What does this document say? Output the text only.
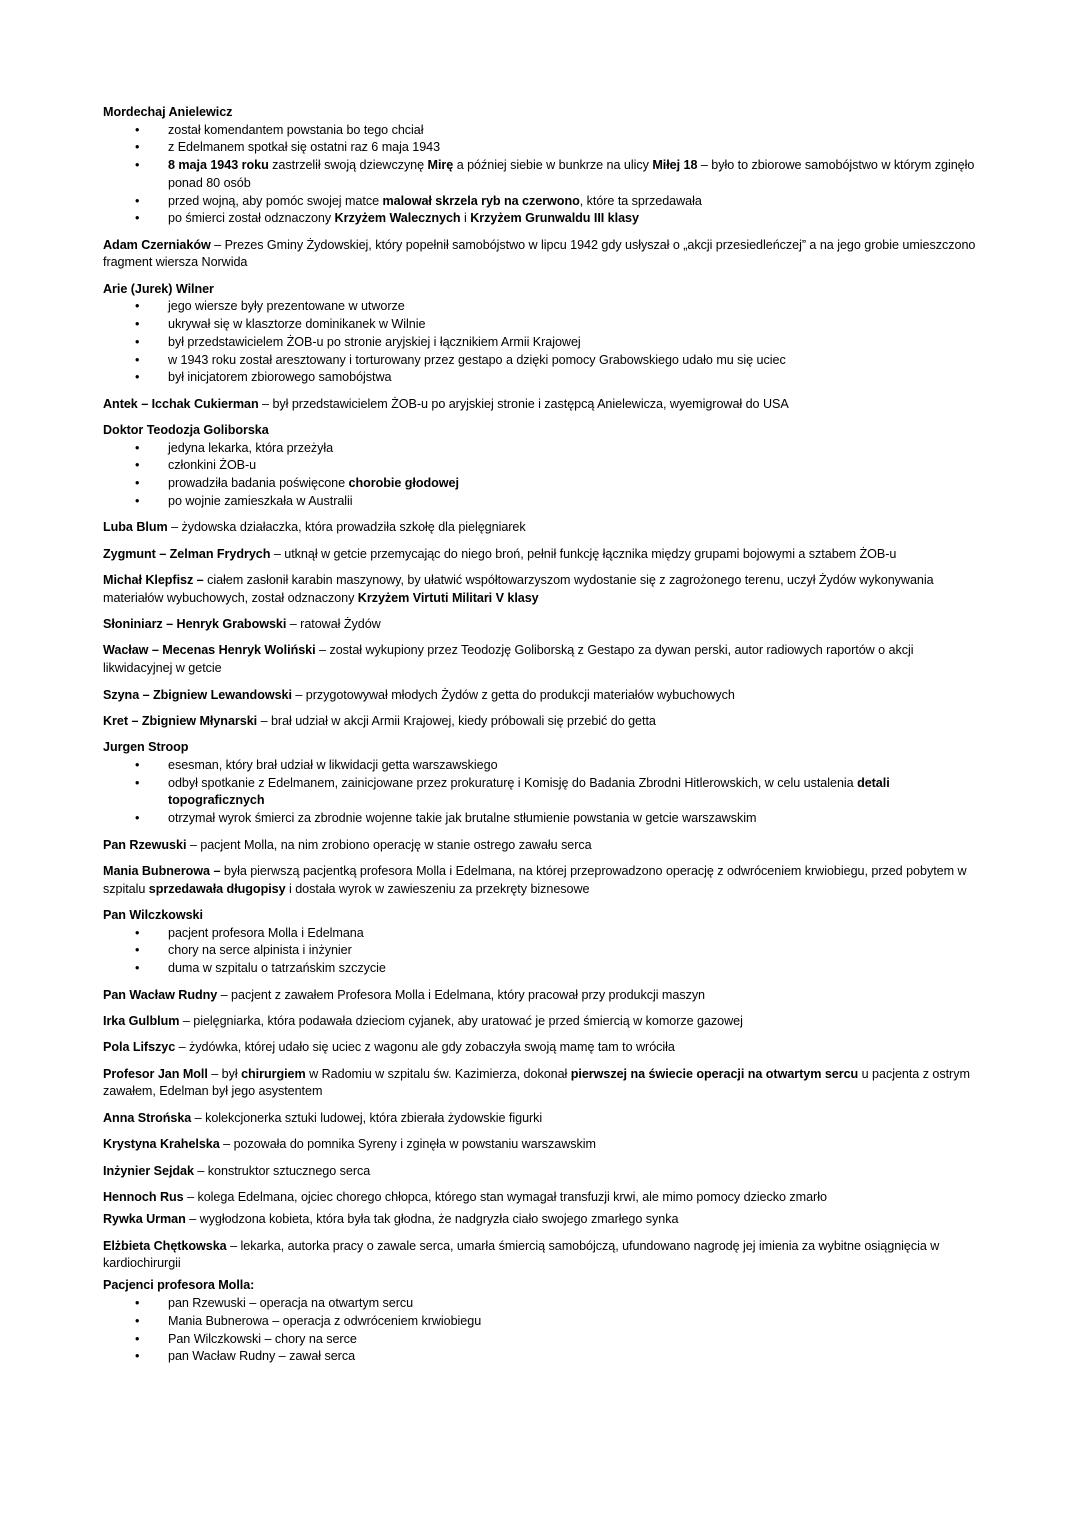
Mordechaj Anielewicz

• został komendantem powstania bo tego chciał
• z Edelmanem spotkał się ostatni raz 6 maja 1943
• 8 maja 1943 roku zastrzelił swoją dziewczynę Mirę a później siebie w bunkrze na ulicy Miłej 18 – było to zbiorowe samobójstwo w którym zginęło ponad 80 osób
• przed wojną, aby pomóc swojej matce malował skrzela ryb na czerwono, które ta sprzedawała
• po śmierci został odznaczony Krzyżem Walecznych i Krzyżem Grunwaldu III klasy

Adam Czerniaków – Prezes Gminy Żydowskiej, który popełnił samobójstwo w lipcu 1942 gdy usłyszał o „akcji przesiedleńczej” a na jego grobie umieszczono fragment wiersza Norwida

Arie (Jurek) Wilner

• jego wiersze były prezentowane w utworze
• ukrywał się w klasztorze dominikanek w Wilnie
• był przedstawicielem ŻOB-u po stronie aryjskiej i łącznikiem Armii Krajowej
• w 1943 roku został aresztowany i torturowany przez gestapo a dzięki pomocy Grabowskiego udało mu się uciec
• był inicjatorem zbiorowego samobójstwa

Antek – Icchak Cukierman – był przedstawicielem ŻOB-u po aryjskiej stronie i zastępcą Anielewicza, wyemigrował do USA

Doktor Teodozja Goliborska

• jedyna lekarka, która przeżyła
• członkini ŻOB-u
• prowadziła badania poświęcone chorobie głodowej
• po wojnie zamieszkała w Australii

Luba Blum – żydowska działaczka, która prowadziła szkołę dla pielęgniarek

Zygmunt – Zelman Frydrych – utknął w getcie przemycając do niego broń, pełnił funkcję łącznika między grupami bojowymi a sztabem ŻOB-u

Michał Klepfisz – ciałem zasłonił karabin maszynowy, by ułatwić współtowarzyszom wydostanie się z zagrożonego terenu, uczył Żydów wykonywania materiałów wybuchowych, został odznaczony Krzyżem Virtuti Militari V klasy

Słoniniarz – Henryk Grabowski – ratował Żydów

Wacław – Mecenas Henryk Woliński – został wykupiony przez Teodozję Goliborską z Gestapo za dywan perski, autor radiowych raportów o akcji likwidacyjnej w getcie

Szyna – Zbigniew Lewandowski – przygotowywał młodych Żydów z getta do produkcji materiałów wybuchowych

Kret – Zbigniew Młynarski – brał udział w akcji Armii Krajowej, kiedy próbowali się przebić do getta

Jurgen Stroop

• esesman, który brał udział w likwidacji getta warszawskiego
• odbył spotkanie z Edelmanem, zainicjowane przez prokuraturę i Komisję do Badania Zbrodni Hitlerowskich, w celu ustalenia detali topograficznych
• otrzymał wyrok śmierci za zbrodnie wojenne takie jak brutalne stłumienie powstania w getcie warszawskim

Pan Rzewuski – pacjent Molla, na nim zrobiono operację w stanie ostrego zawału serca

Mania Bubnerowa – była pierwszą pacjentką profesora Molla i Edelmana, na której przeprowadzono operację z odwróceniem krwiobiegu, przed pobytem w szpitalu sprzedawała długopisy i dostała wyrok w zawieszeniu za przekręty biznesowe

Pan Wilczkowski

• pacjent profesora Molla i Edelmana
• chory na serce alpinista i inżynier
• duma w szpitalu o tatrzańskim szczycie

Pan Wacław Rudny – pacjent z zawałem Profesora Molla i Edelmana, który pracował przy produkcji maszyn

Irka Gulblum – pielęgniarka, która podawała dzieciom cyjanek, aby uratować je przed śmiercią w komorze gazowej

Pola Lifszyc – żydówka, której udało się uciec z wagonu ale gdy zobaczyła swoją mamę tam to wróciła

Profesor Jan Moll – był chirurgiem w Radomiu w szpitalu św. Kazimierza, dokonał pierwszej na świecie operacji na otwartym sercu u pacjenta z ostrym zawałem, Edelman był jego asystentem

Anna Strońska – kolekcjonerka sztuki ludowej, która zbierała żydowskie figurki

Krystyna Krahelska – pozowała do pomnika Syreny i zginęła w powstaniu warszawskim

Inżynier Sejdak – konstruktor sztucznego serca

Hennoch Rus – kolega Edelmana, ojciec chorego chłopca, którego stan wymagał transfuzji krwi, ale mimo pomocy dziecko zmarło

Rywka Urman – wygłodzona kobieta, która była tak głodna, że nadgryzła ciało swojego zmarłego synka

Elżbieta Chętkowska – lekarka, autorka pracy o zawale serca, umarła śmiercią samobójczą, ufundowano nagrodę jej imienia za wybitne osiągnięcia w kardiochirurgii

Pacjenci profesora Molla:

• pan Rzewuski – operacja na otwartym sercu
• Mania Bubnerowa – operacja z odwróceniem krwiobiegu
• Pan Wilczkowski – chory na serce
• pan Wacław Rudny – zawał serca
